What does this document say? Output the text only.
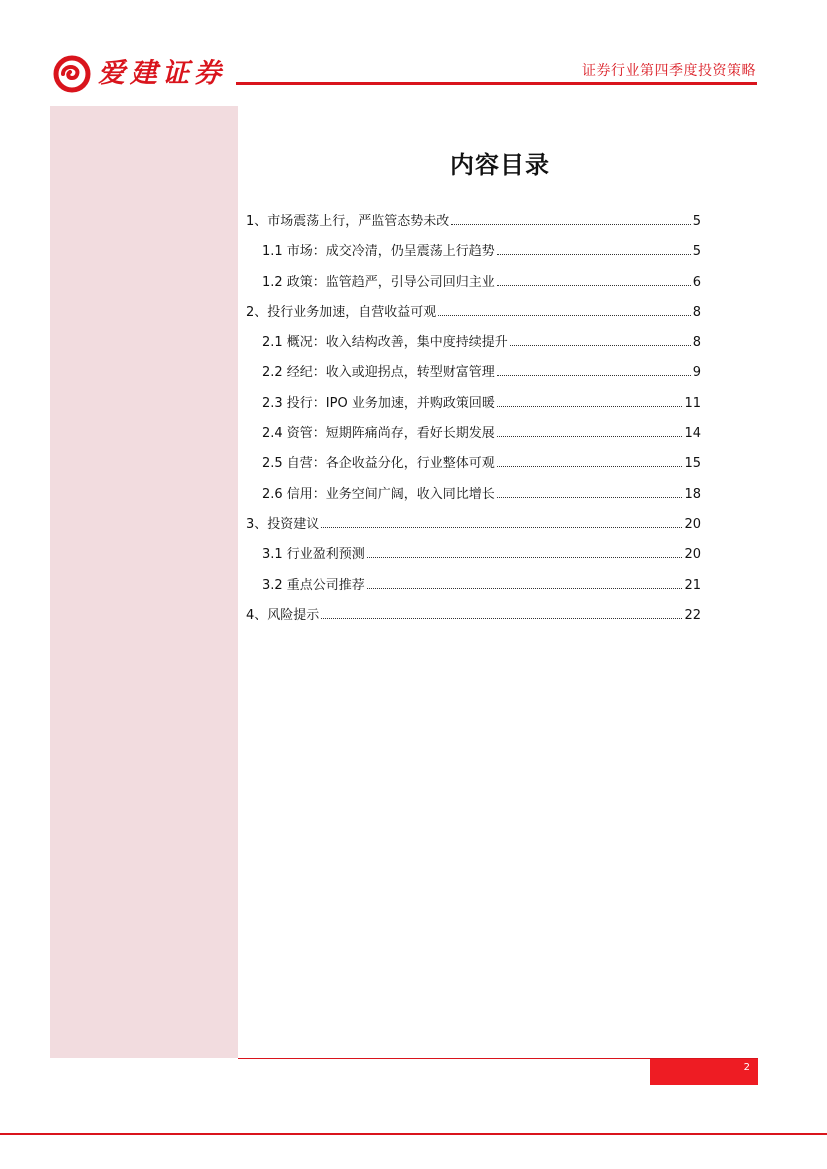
爱建证券	证券行业第四季度投资策略
内容目录
1、市场震荡上行，严监管态势未改	5
1.1 市场：成交冷清，仍呈震荡上行趋势	5
1.2 政策：监管趋严，引导公司回归主业	6
2、投行业务加速，自营收益可观	8
2.1 概况：收入结构改善，集中度持续提升	8
2.2 经纪：收入或迎拐点，转型财富管理	9
2.3 投行：IPO 业务加速，并购政策回暖	11
2.4 资管：短期阵痛尚存，看好长期发展	14
2.5 自营：各企收益分化，行业整体可观	15
2.6 信用：业务空间广阔，收入同比增长	18
3、投资建议	20
3.1 行业盈利预测	20
3.2 重点公司推荐	21
4、风险提示	22
2
